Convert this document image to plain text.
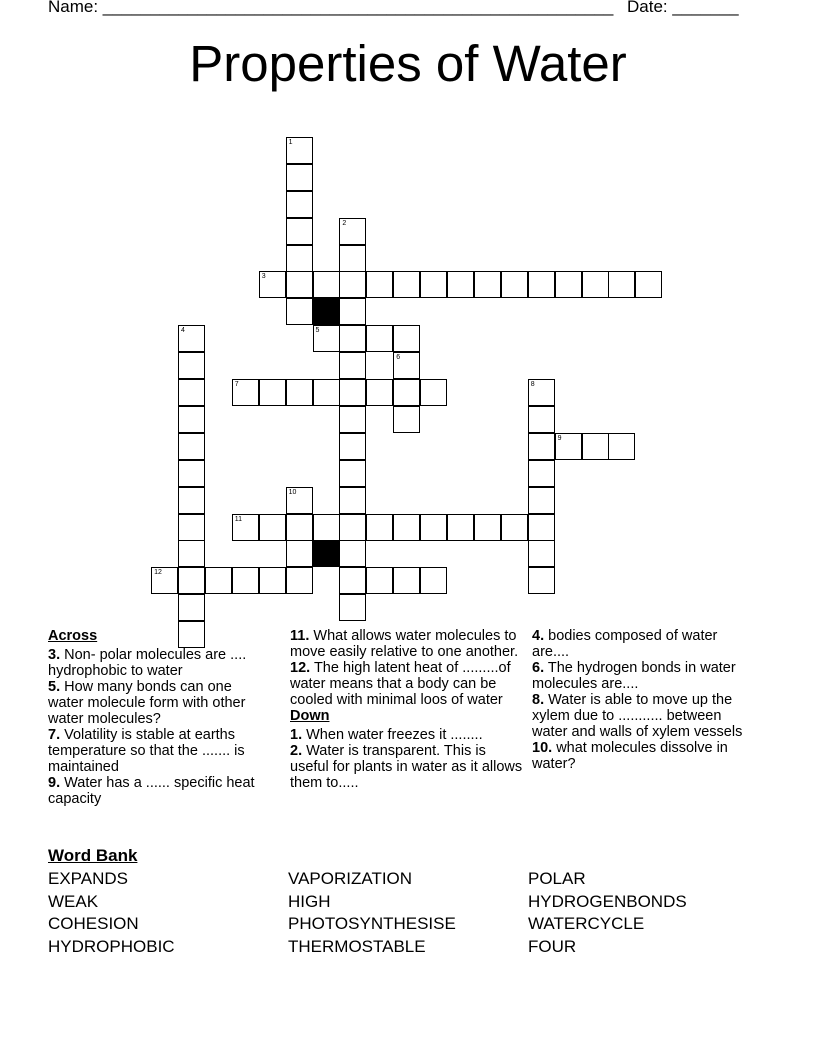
Name: ______________________________________________________ Date: _______
Properties of Water
1
2
3
5
4
6
7	8
9
10
11
12
Across

3. Non- polar molecules are .... hydrophobic to water

5. How many bonds can one water molecule form with other water molecules?

7. Volatility is stable at earths temperature so that the ....... is maintained

9. Water has a ...... specific heat capacity

11. What allows water molecules to move easily relative to one another.

12. The high latent heat of .........of water means that a body can be cooled with minimal loos of water

Down

1. When water freezes it ........

2. Water is transparent. This is useful for plants in water as it allows them to.....

4. bodies composed of water are....

6. The hydrogen bonds in water molecules are....

8. Water is able to move up the xylem due to ........... between water and walls of xylem vessels

10. what molecules dissolve in water?

Word Bank
EXPANDS	VAPORIZATION	POLAR
WEAK	HIGH	HYDROGENBONDS
COHESION	PHOTOSYNTHESISE	WATERCYCLE
HYDROPHOBIC	THERMOSTABLE	FOUR
